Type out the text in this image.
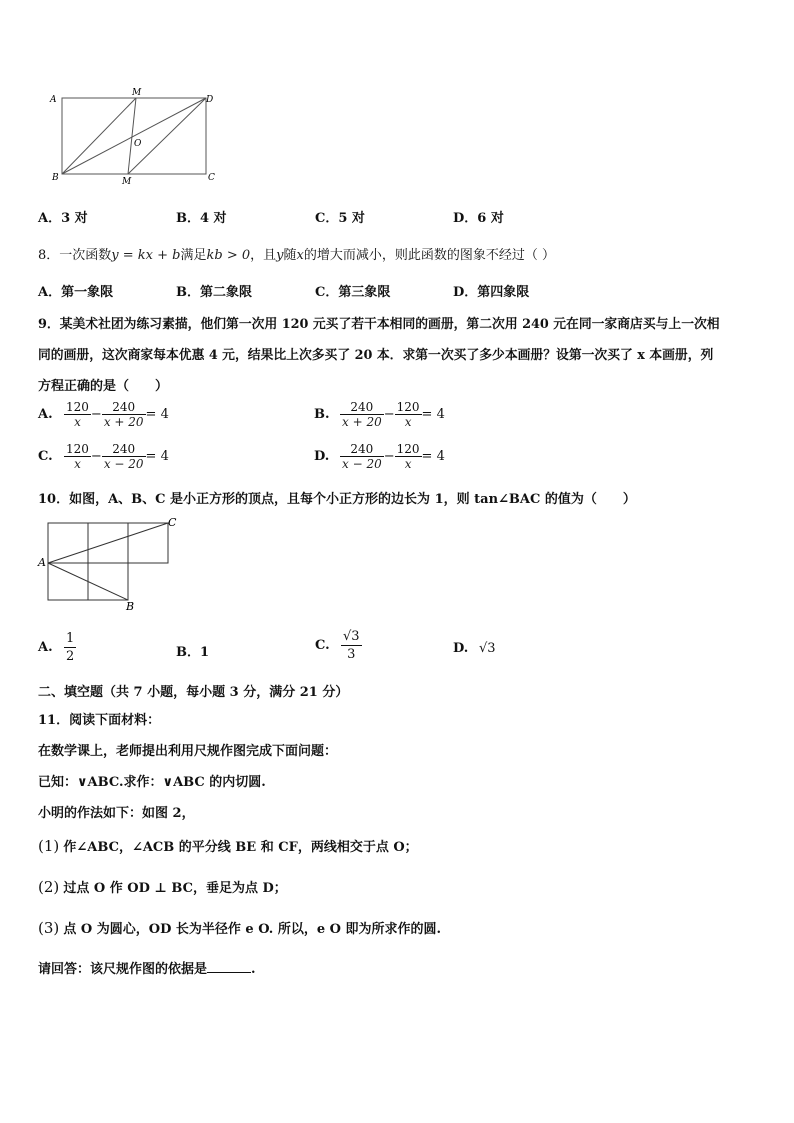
A
M
D
O
B	M	C
A．3 对	B．4 对	C．5 对	D．6 对
8．一次函数y = kx + b满足kb > 0，且y随x的增大而减小，则此函数的图象不经过（ ）
A．第一象限	B．第二象限	C．第三象限	D．第四象限
9．某美术社团为练习素描，他们第一次用 120 元买了若干本相同的画册，第二次用 240 元在同一家商店买与上一次相
同的画册，这次商家每本优惠 4 元，结果比上次多买了 20 本．求第一次买了多少本画册？设第一次买了 x 本画册，列
方程正确的是（　　）
A. $\frac{120}{x} - \frac{240}{x + 20} = 4$	B. $\frac{240}{x + 20} - \frac{120}{x} = 4$
C. $\frac{120}{x} - \frac{240}{x - 20} = 4$	D. $\frac{240}{x - 20} - \frac{120}{x} = 4$
10．如图，A、B、C 是小正方形的顶点，且每个小正方形的边长为 1，则 tan∠BAC 的值为（　　）
A
B
C
A. $\frac{1}{2}$	B．1	C. $\frac{√3}{3}$	D. √3
二、填空题（共 7 小题，每小题 3 分，满分 21 分）
11．阅读下面材料：
在数学课上，老师提出利用尺规作图完成下面问题：
已知：∨ABC.求作：∨ABC 的内切圆.
小明的作法如下：如图 2，
(1) 作∠ABC，∠ACB 的平分线 BE 和 CF，两线相交于点 O；
(2) 过点 O 作 OD ⊥ BC，垂足为点 D；
(3) 点 O 为圆心，OD 长为半径作 e O. 所以，e O 即为所求作的圆.
请回答：该尺规作图的依据是	.
